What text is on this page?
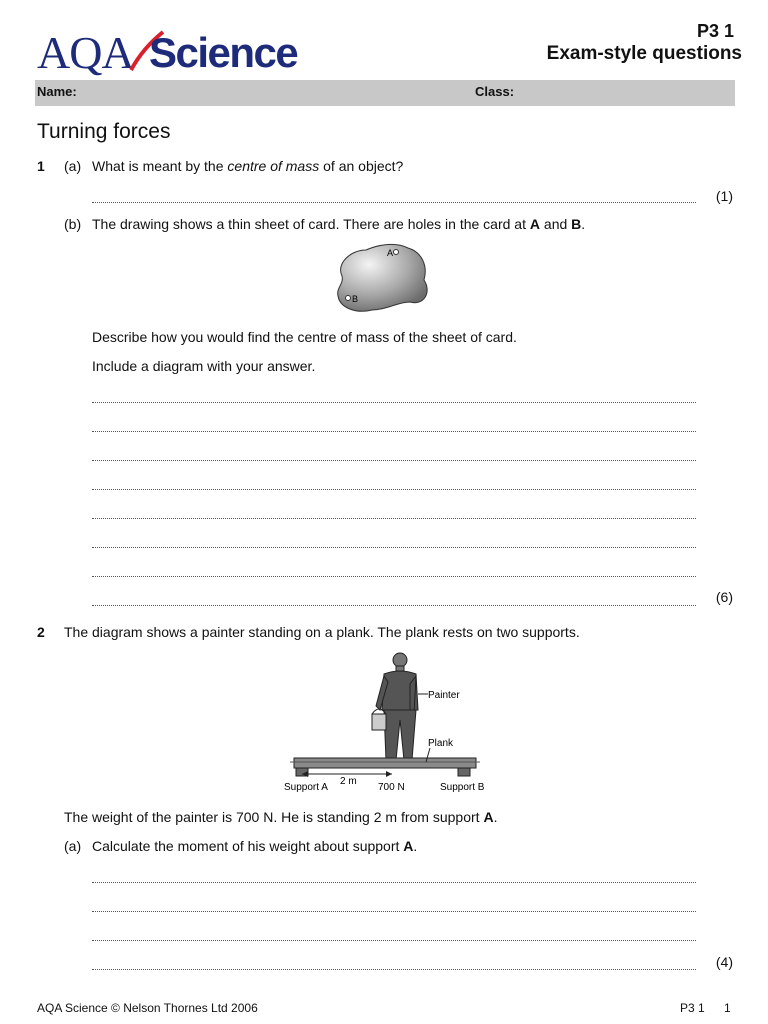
AQA Science	P3 1
Exam-style questions
Name:	Class:
Turning forces
1 (a) What is meant by the centre of mass of an object?
(1)
(b) The drawing shows a thin sheet of card. There are holes in the card at A and B.
A
B
Describe how you would find the centre of mass of the sheet of card.
Include a diagram with your answer.
(6)
2 The diagram shows a painter standing on a plank. The plank rests on two supports.
Painter
Plank
Support A
2 m
700 N	Support B
The weight of the painter is 700 N. He is standing 2 m from support A.
(a) Calculate the moment of his weight about support A.
(4)
AQA Science © Nelson Thornes Ltd 2006	P3 1 1
